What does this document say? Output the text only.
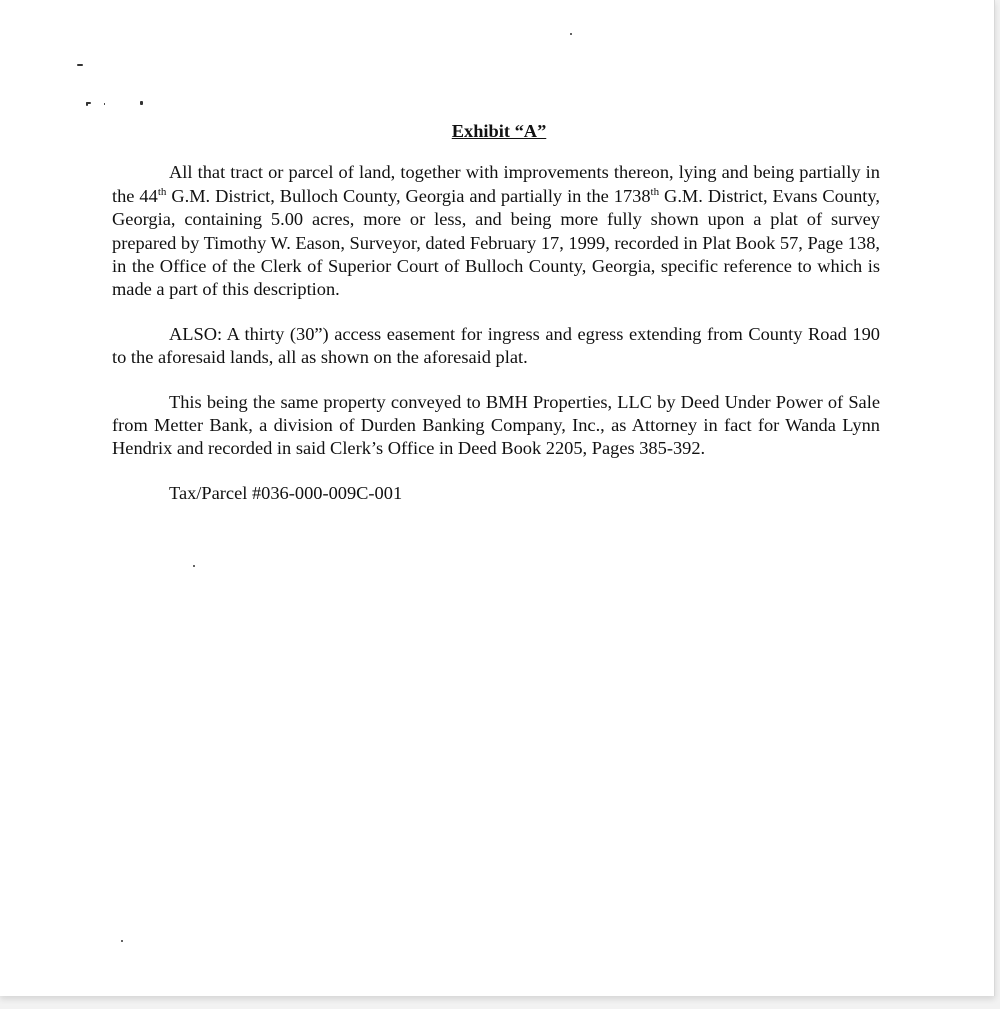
Exhibit “A”

All that tract or parcel of land, together with improvements thereon, lying and being partially in the 44th G.M. District, Bulloch County, Georgia and partially in the 1738th G.M. District, Evans County, Georgia, containing 5.00 acres, more or less, and being more fully shown upon a plat of survey prepared by Timothy W. Eason, Surveyor, dated February 17, 1999, recorded in Plat Book 57, Page 138, in the Office of the Clerk of Superior Court of Bulloch County, Georgia, specific reference to which is made a part of this description.

ALSO: A thirty (30”) access easement for ingress and egress extending from County Road 190 to the aforesaid lands, all as shown on the aforesaid plat.

This being the same property conveyed to BMH Properties, LLC by Deed Under Power of Sale from Metter Bank, a division of Durden Banking Company, Inc., as Attorney in fact for Wanda Lynn Hendrix and recorded in said Clerk’s Office in Deed Book 2205, Pages 385-392.

Tax/Parcel #036-000-009C-001
